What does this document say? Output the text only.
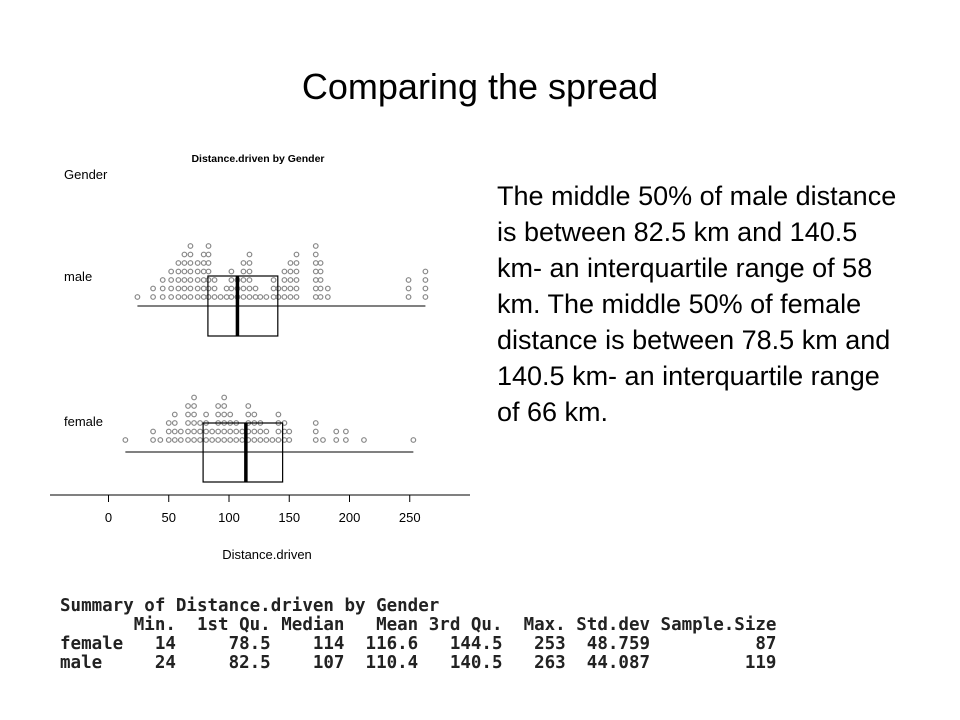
Comparing the spread
Distance.driven by Gender
Gender
Distance.driven
0	50	100	150	200	250
male
female
The middle 50% of male distance is between 82.5 km and 140.5 km- an interquartile range of 58 km. The middle 50% of female distance is between 78.5 km and 140.5 km- an interquartile range of 66 km.
Summary of Distance.driven by Gender
Min.  1st Qu. Median   Mean 3rd Qu.  Max. Std.dev Sample.Size
female   14     78.5    114  116.6   144.5   253  48.759          87
male     24     82.5    107  110.4   140.5   263  44.087         119
